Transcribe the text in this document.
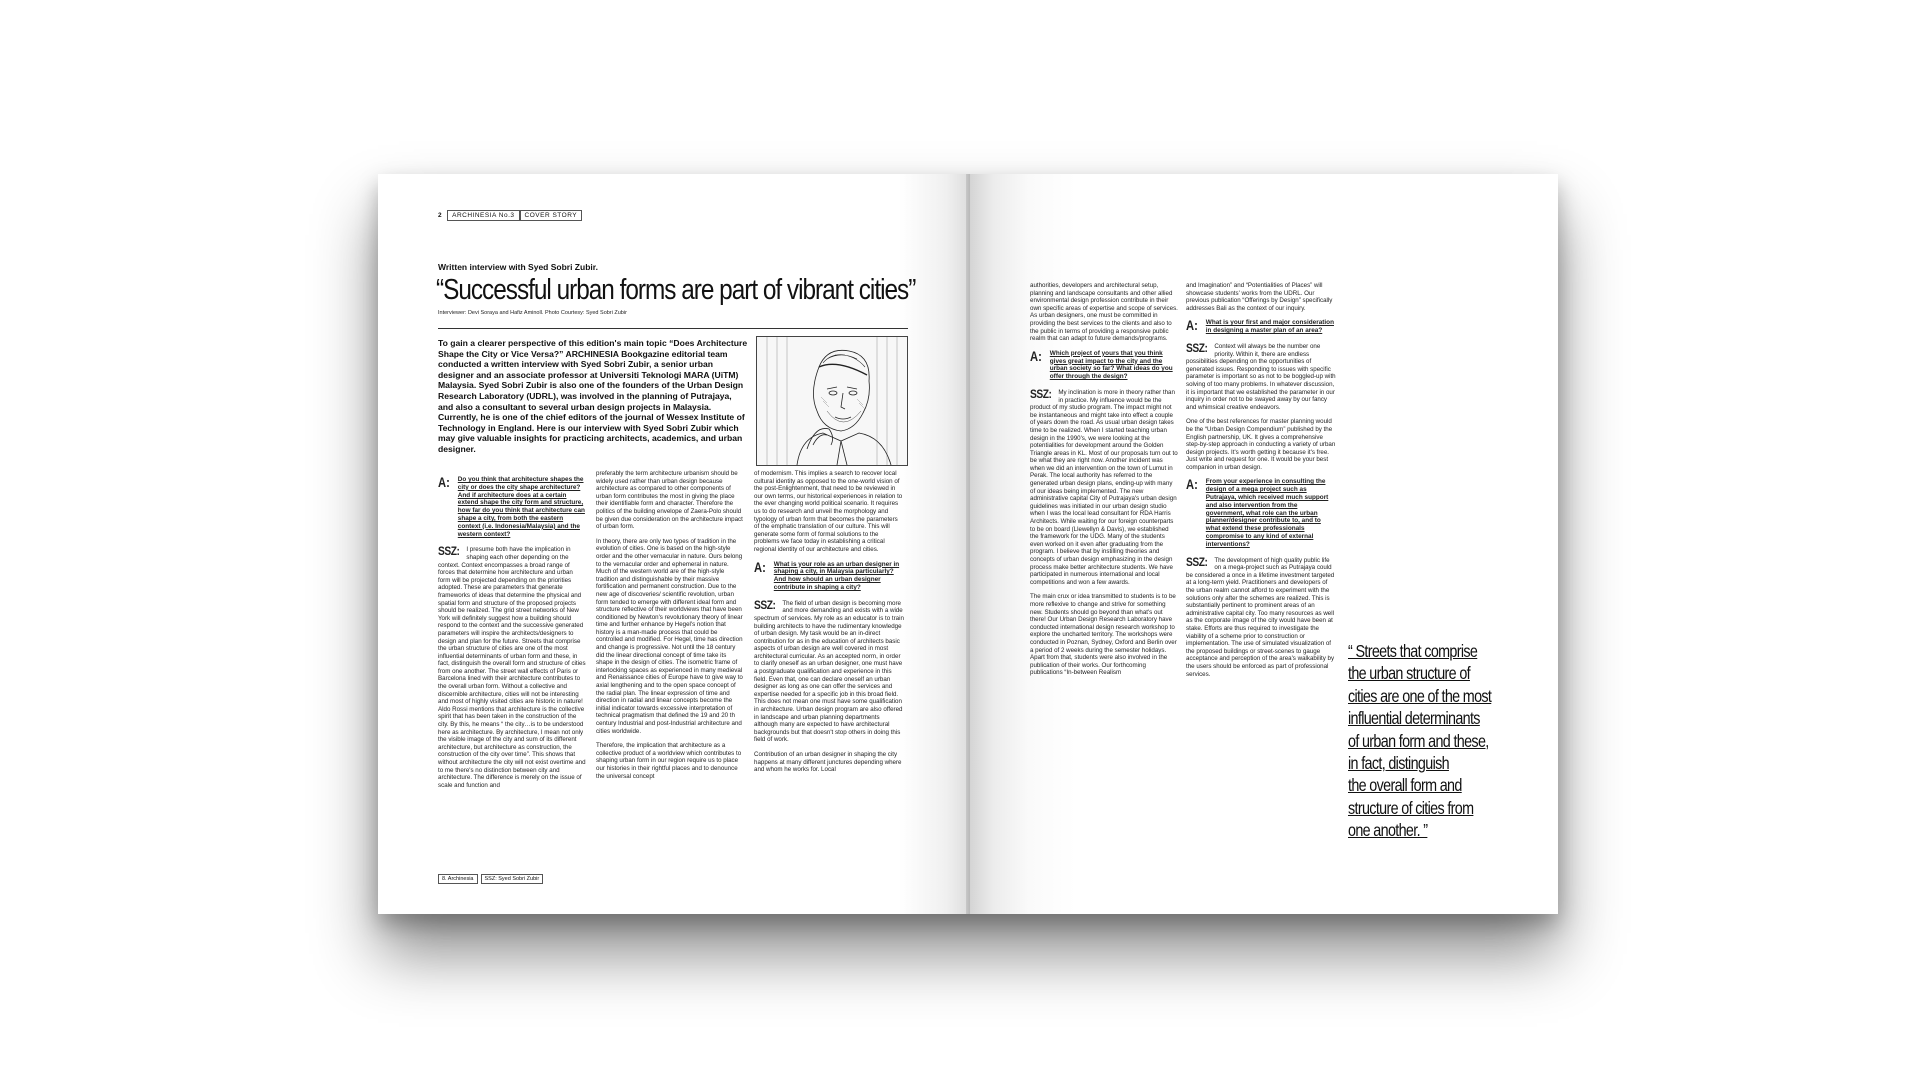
2	ARCHINESIA No.3	COVER STORY
Written interview with Syed Sobri Zubir.
“Successful urban forms are part of vibrant cities”
Interviewer: Devi Soraya and Hafiz Aminoll. Photo Courtesy: Syed Sobri Zubir
To gain a clearer perspective of this edition's main topic “Does Architecture Shape the City or Vice Versa?” ARCHINESIA Bookgazine editorial team conducted a written interview with Syed Sobri Zubir, a senior urban designer and an associate professor at Universiti Teknologi MARA (UiTM) Malaysia. Syed Sobri Zubir is also one of the founders of the Urban Design Research Laboratory (UDRL), was involved in the planning of Putrajaya, and also a consultant to several urban design projects in Malaysia. Currently, he is one of the chief editors of the journal of Wessex Institute of Technology in England. Here is our interview with Syed Sobri Zubir which may give valuable insights for practicing architects, academics, and urban designer.
A: Do you think that architecture shapes the city or does the city shape architecture? And if architecture does at a certain extend shape the city form and structure, how far do you think that architecture can shape a city, from both the eastern context (i.e. Indonesia/Malaysia) and the western context?

SSZ: I presume both have the implication in shaping each other depending on the context. Context encompasses a broad range of forces that determine how architecture and urban form will be projected depending on the priorities adopted. These are parameters that generate frameworks of ideas that determine the physical and spatial form and structure of the proposed projects should be realized. The grid street networks of New York will definitely suggest how a building should respond to the context and the successive generated parameters will inspire the architects/designers to design and plan for the future. Streets that comprise the urban structure of cities are one of the most influential determinants of urban form and these, in fact, distinguish the overall form and structure of cities from one another. The street wall effects of Paris or Barcelona lined with their architecture contributes to the overall urban form. Without a collective and discernible architecture, cities will not be interesting and most of highly visited cities are historic in nature! Aldo Rossi mentions that architecture is the collective spirit that has been taken in the construction of the city. By this, he means “ the city…is to be understood here as architecture. By architecture, I mean not only the visible image of the city and sum of its different architecture, but architecture as construction, the construction of the city over time”. This shows that without architecture the city will not exist overtime and to me there's no distinction between city and architecture. The difference is merely on the issue of scale and function and

preferably the term architecture urbanism should be widely used rather than urban design because architecture as compared to other components of urban form contributes the most in giving the place their identifiable form and character. Therefore the politics of the building envelope of Zaera-Polo should be given due consideration on the architecture impact of urban form.

In theory, there are only two types of tradition in the evolution of cities. One is based on the high-style order and the other vernacular in nature. Ours belong to the vernacular order and ephemeral in nature. Much of the western world are of the high-style tradition and distinguishable by their massive fortification and permanent construction. Due to the new age of discoveries/ scientific revolution, urban form tended to emerge with different ideal form and structure reflective of their worldviews that have been conditioned by Newton's revolutionary theory of linear time and further enhance by Hegel's notion that history is a man-made process that could be controlled and modified. For Hegel, time has direction and change is progressive. Not until the 18 century did the linear directional concept of time take its shape in the design of cities. The isometric frame of interlocking spaces as experienced in many medieval and Renaissance cities of Europe have to give way to axial lengthening and to the open space concept of the radial plan. The linear expression of time and direction in radial and linear concepts become the initial indicator towards excessive interpretation of technical pragmatism that defined the 19 and 20 th century Industrial and post-Industrial architecture and cities worldwide.

Therefore, the implication that architecture as a collective product of a worldview which contributes to shaping urban form in our region require us to place our histories in their rightful places and to denounce the universal concept

of modernism. This implies a search to recover local cultural identity as opposed to the one-world vision of the post-Enlightenment, that need to be reviewed in our own terms, our historical experiences in relation to the ever changing world political scenario. It requires us to do research and unveil the morphology and typology of urban form that becomes the parameters of the emphatic translation of our culture. This will generate some form of formal solutions to the problems we face today in establishing a critical regional identity of our architecture and cities.

A: What is your role as an urban designer in shaping a city, in Malaysia particularly? And how should an urban designer contribute in shaping a city?

SSZ: The field of urban design is becoming more and more demanding and exists with a wide spectrum of services. My role as an educator is to train building architects to have the rudimentary knowledge of urban design. My task would be an in-direct contribution for as in the education of architects basic aspects of urban design are well covered in most architectural curricular. As an accepted norm, in order to clarify oneself as an urban designer, one must have a postgraduate qualification and experience in this field. Even that, one can declare oneself an urban designer as long as one can offer the services and expertise needed for a specific job in this broad field. This does not mean one must have some qualification in architecture. Urban design program are also offered in landscape and urban planning departments although many are expected to have architectural backgrounds but that doesn't stop others in doing this field of work.

Contribution of an urban designer in shaping the city happens at many different junctures depending where and whom he works for. Local

8. Archinesia	SSZ: Syed Sobri Zubir

authorities, developers and architectural setup, planning and landscape consultants and other allied environmental design profession contribute in their own specific areas of expertise and scope of services. As urban designers, one must be committed in providing the best services to the clients and also to the public in terms of providing a responsive public realm that can adapt to future demands/programs.

A: Which project of yours that you think gives great impact to the city and the urban society so far? What ideas do you offer through the design?

SSZ: My inclination is more in theory rather than in practice. My influence would be the product of my studio program. The impact might not be instantaneous and might take into effect a couple of years down the road. As usual urban design takes time to be realized. When I started teaching urban design in the 1990's, we were looking at the potentialities for development around the Golden Triangle areas in KL. Most of our proposals turn out to be what they are right now. Another incident was when we did an intervention on the town of Lumut in Perak. The local authority has referred to the generated urban design plans, ending-up with many of our ideas being implemented. The new administrative capital City of Putrajaya's urban design guidelines was initiated in our urban design studio when I was the local lead consultant for RDA Harris Architects. While waiting for our foreign counterparts to be on board (Llewellyn & Davis), we established the framework for the UDG. Many of the students even worked on it even after graduating from the program. I believe that by instilling theories and concepts of urban design emphasizing in the design process make better architecture students. We have participated in numerous international and local competitions and won a few awards.

The main crux or idea transmitted to students is to be more reflexive to change and strive for something new. Students should go beyond than what's out there! Our Urban Design Research Laboratory have conducted international design research workshop to explore the uncharted territory. The workshops were conducted in Poznan, Sydney, Oxford and Berlin over a period of 2 weeks during the semester holidays. Apart from that, students were also involved in the publication of their works. Our forthcoming publications “In-between Realism

and Imagination” and “Potentialities of Places” will showcase students' works from the UDRL. Our previous publication “Offerings by Design” specifically addresses Bali as the context of our inquiry.

A: What is your first and major consideration in designing a master plan of an area?

SSZ: Context will always be the number one priority. Within it, there are endless possibilities depending on the opportunities of generated issues. Responding to issues with specific parameter is important so as not to be boggled-up with solving of too many problems. In whatever discussion, it is important that we established the parameter in our inquiry in order not to be swayed away by our fancy and whimsical creative endeavors.

One of the best references for master planning would be the “Urban Design Compendium” published by the English partnership, UK. It gives a comprehensive step-by-step approach in conducting a variety of urban design projects. It's worth getting it because it's free. Just write and request for one. It would be your best companion in urban design.

A: From your experience in consulting the design of a mega project such as Putrajaya, which received much support and also intervention from the government, what role can the urban planner/designer contribute to, and to what extend these professionals compromise to any kind of external interventions?

SSZ: The development of high quality public life on a mega-project such as Putrajaya could be considered a once in a lifetime investment targeted at a long-term yield. Practitioners and developers of the urban realm cannot afford to experiment with the solutions only after the schemes are realized. This is substantially pertinent to prominent areas of an administrative capital city. Too many resources as well as the corporate image of the city would have been at stake. Efforts are thus required to investigate the viability of a scheme prior to construction or implementation. The use of simulated visualization of the proposed buildings or street-scenes to gauge acceptance and perception of the area's walkability by the users should be enforced as part of professional services.

“ Streets that comprise
the urban structure of
cities are one of the most
influential determinants
of urban form and these,
in fact, distinguish
the overall form and
structure of cities from
one another. ”
